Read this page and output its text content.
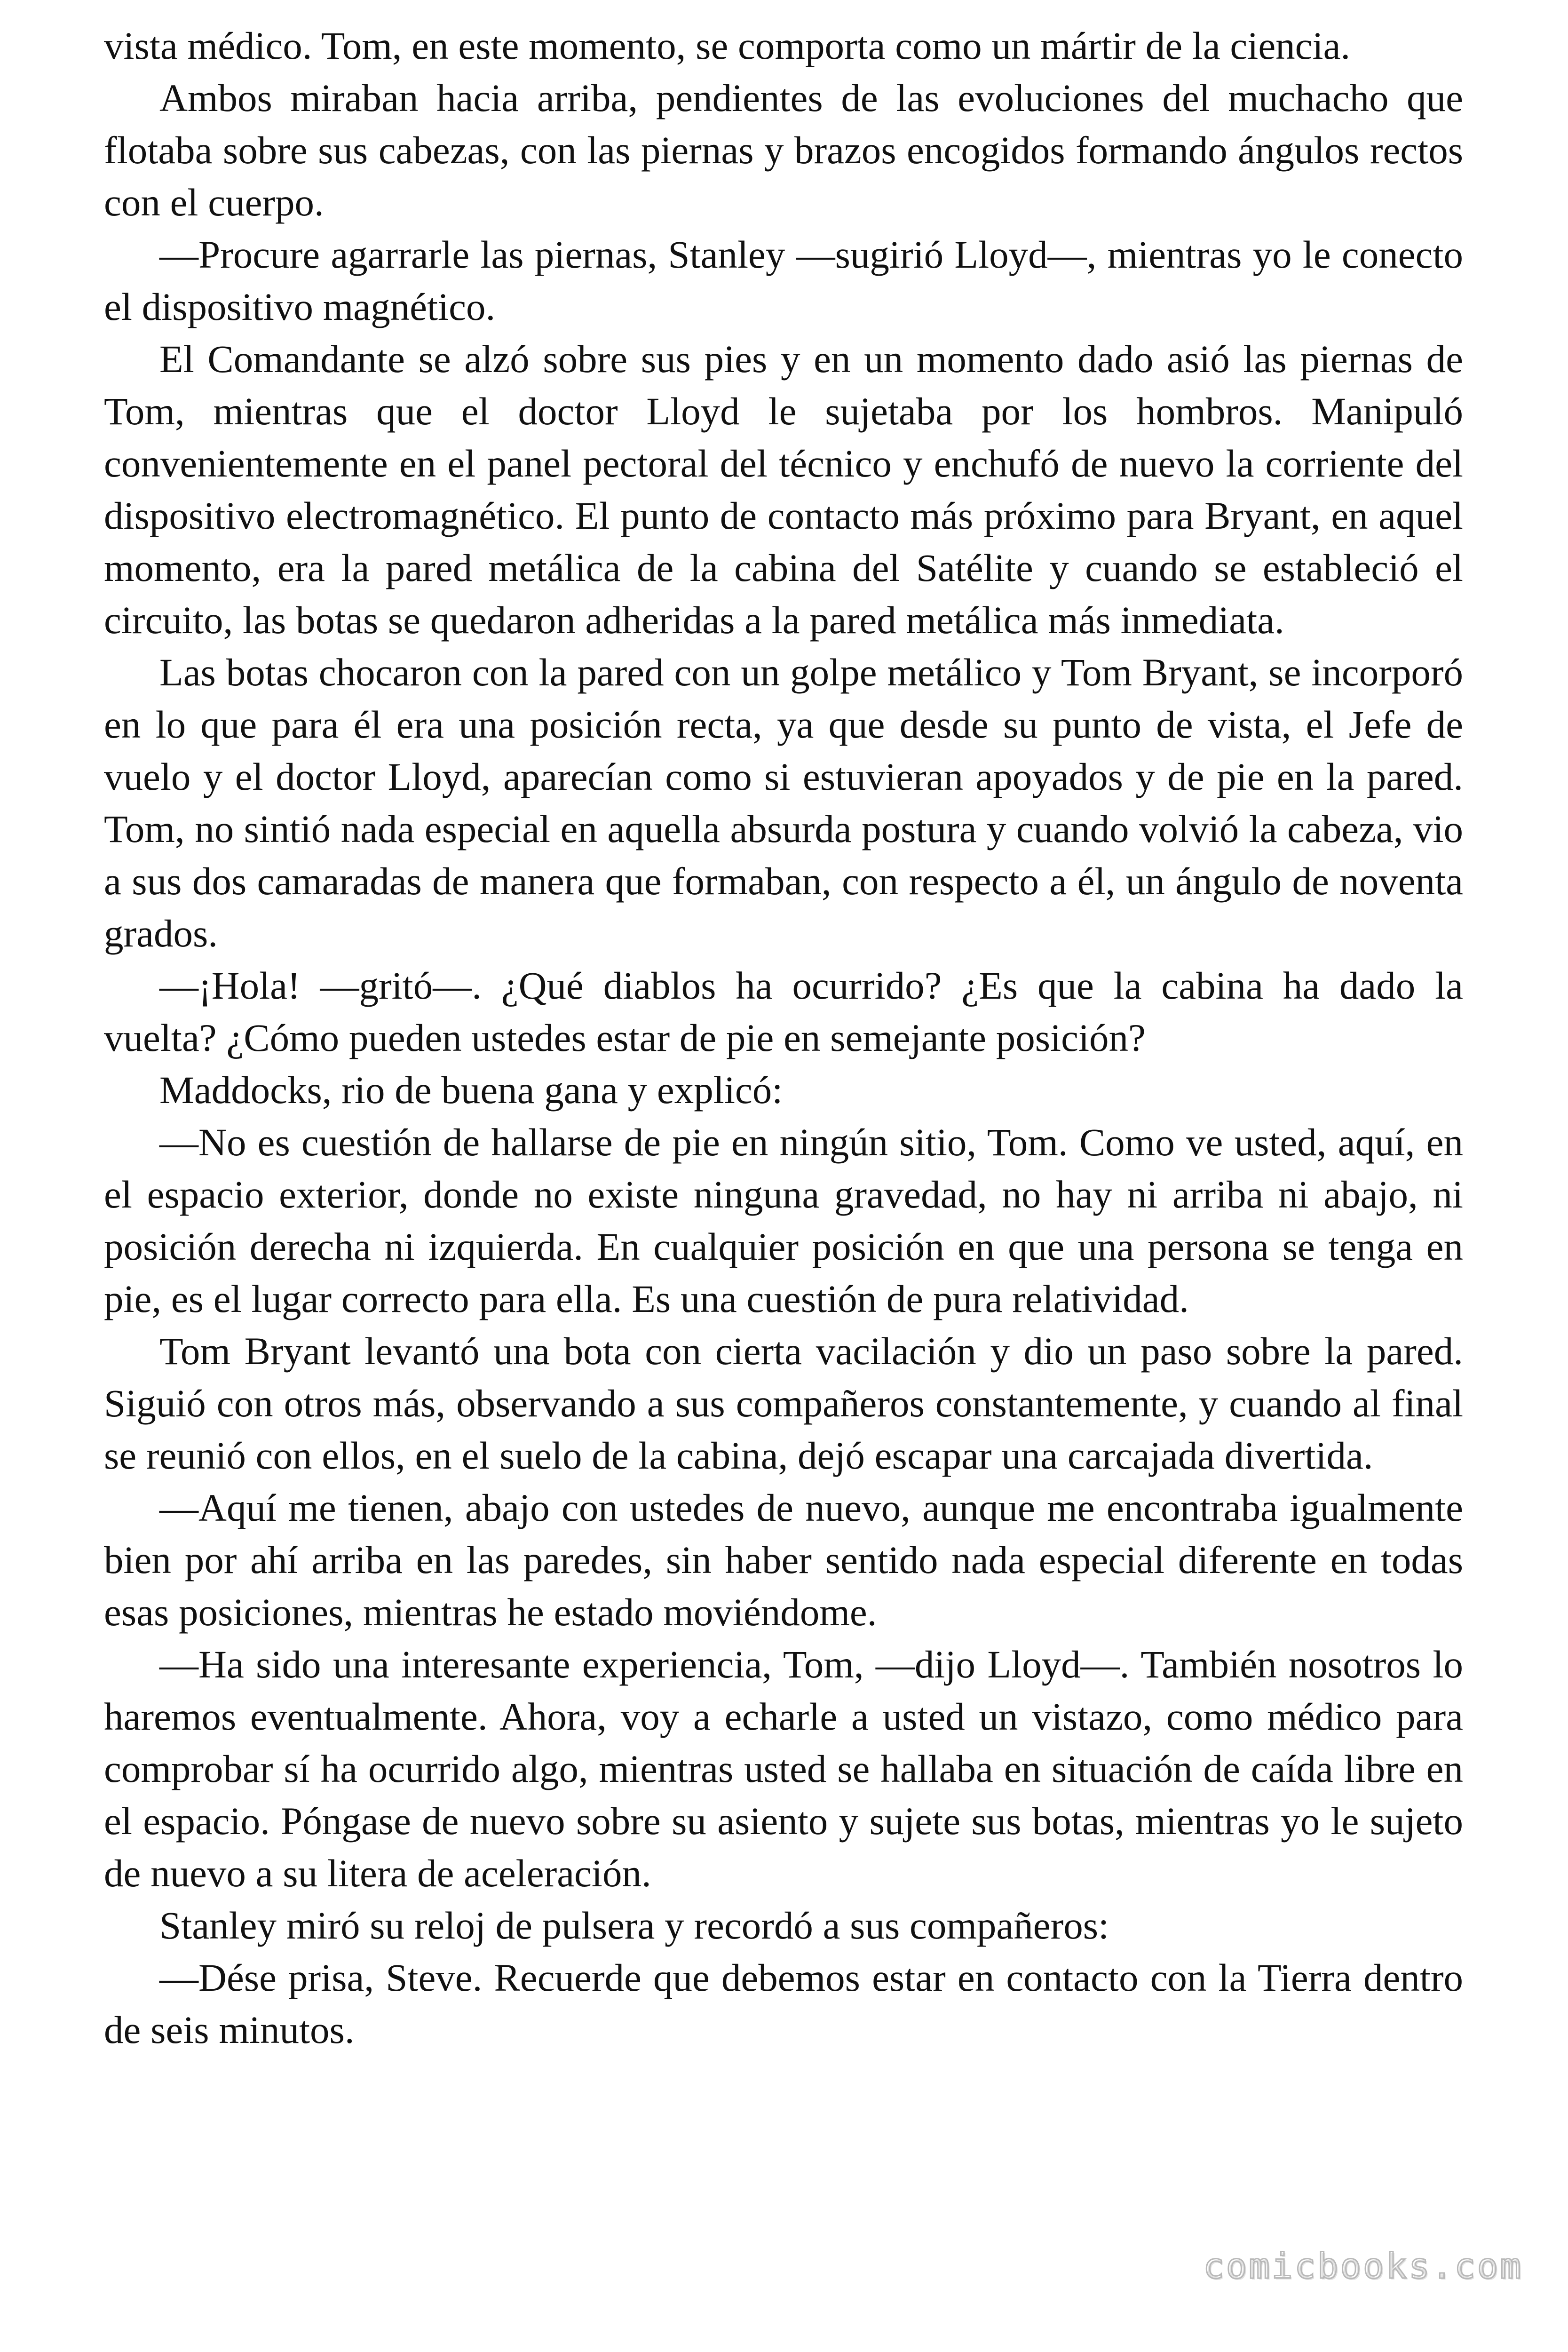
vista médico. Tom, en este momento, se comporta como un mártir de la ciencia.

Ambos miraban hacia arriba, pendientes de las evoluciones del muchacho que flotaba sobre sus cabezas, con las piernas y brazos encogidos formando ángulos rectos con el cuerpo.

—Procure agarrarle las piernas, Stanley —sugirió Lloyd—, mientras yo le conecto el dispositivo magnético.

El Comandante se alzó sobre sus pies y en un momento dado asió las piernas de Tom, mientras que el doctor Lloyd le sujetaba por los hombros. Manipuló convenientemente en el panel pectoral del técnico y enchufó de nuevo la corriente del dispositivo electromagnético. El punto de contacto más próximo para Bryant, en aquel momento, era la pared metálica de la cabina del Satélite y cuando se estableció el circuito, las botas se quedaron adheridas a la pared metálica más inmediata.

Las botas chocaron con la pared con un golpe metálico y Tom Bryant, se incorporó en lo que para él era una posición recta, ya que desde su punto de vista, el Jefe de vuelo y el doctor Lloyd, aparecían como si estuvieran apoyados y de pie en la pared. Tom, no sintió nada especial en aquella absurda postura y cuando volvió la cabeza, vio a sus dos camaradas de manera que formaban, con respecto a él, un ángulo de noventa grados.

—¡Hola! —gritó—. ¿Qué diablos ha ocurrido? ¿Es que la cabina ha dado la vuelta? ¿Cómo pueden ustedes estar de pie en semejante posición?

Maddocks, rio de buena gana y explicó:

—No es cuestión de hallarse de pie en ningún sitio, Tom. Como ve usted, aquí, en el espacio exterior, donde no existe ninguna gravedad, no hay ni arriba ni abajo, ni posición derecha ni izquierda. En cualquier posición en que una persona se tenga en pie, es el lugar correcto para ella. Es una cuestión de pura relatividad.

Tom Bryant levantó una bota con cierta vacilación y dio un paso sobre la pared. Siguió con otros más, observando a sus compañeros constantemente, y cuando al final se reunió con ellos, en el suelo de la cabina, dejó escapar una carcajada divertida.

—Aquí me tienen, abajo con ustedes de nuevo, aunque me encontraba igualmente bien por ahí arriba en las paredes, sin haber sentido nada especial diferente en todas esas posiciones, mientras he estado moviéndome.

—Ha sido una interesante experiencia, Tom, —dijo Lloyd—. También nosotros lo haremos eventualmente. Ahora, voy a echarle a usted un vistazo, como médico para comprobar sí ha ocurrido algo, mientras usted se hallaba en situación de caída libre en el espacio. Póngase de nuevo sobre su asiento y sujete sus botas, mientras yo le sujeto de nuevo a su litera de aceleración.

Stanley miró su reloj de pulsera y recordó a sus compañeros:

—Dése prisa, Steve. Recuerde que debemos estar en contacto con la Tierra dentro de seis minutos.

comicbooks.com
